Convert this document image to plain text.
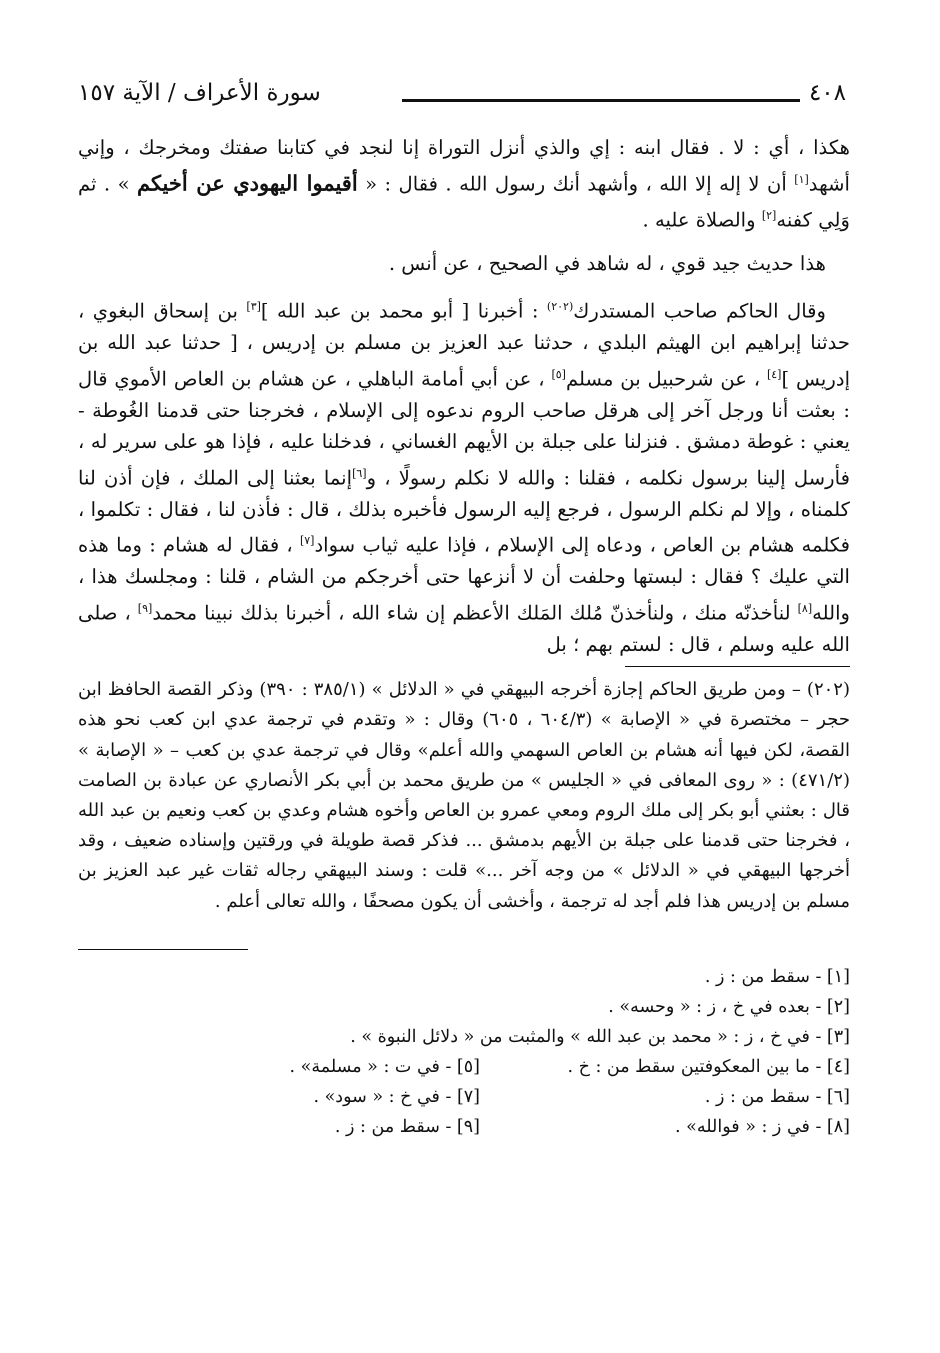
٤٠٨
سورة الأعراف / الآية ١٥٧

هكذا ، أي : لا . فقال ابنه : إي والذي أنزل التوراة إنا لنجد في كتابنا صفتك ومخرجك ، وإني أشهد[١] أن لا إله إلا الله ، وأشهد أنك رسول الله . فقال : « أقيموا اليهودي عن أخيكم » . ثم وَلِي كفنه[٢] والصلاة عليه .

هذا حديث جيد قوي ، له شاهد في الصحيح ، عن أنس .

وقال الحاكم صاحب المستدرك$^{(٢٠٢)}$ : أخبرنا [ أبو محمد بن عبد الله ][٣] بن إسحاق البغوي ، حدثنا إبراهيم ابن الهيثم البلدي ، حدثنا عبد العزيز بن مسلم بن إدريس ، [ حدثنا عبد الله بن إدريس ][٤] ، عن شرحبيل بن مسلم[٥] ، عن أبي أمامة الباهلي ، عن هشام بن العاص الأموي قال : بعثت أنا ورجل آخر إلى هرقل صاحب الروم ندعوه إلى الإسلام ، فخرجنا حتى قدمنا الغُوطة - يعني : غوطة دمشق . فنزلنا على جبلة بن الأيهم الغساني ، فدخلنا عليه ، فإذا هو على سرير له ، فأرسل إلينا برسول نكلمه ، فقلنا : والله لا نكلم رسولًا ، و[٦]إنما بعثنا إلى الملك ، فإن أذن لنا كلمناه ، وإلا لم نكلم الرسول ، فرجع إليه الرسول فأخبره بذلك ، قال : فأذن لنا ، فقال : تكلموا ، فكلمه هشام بن العاص ، ودعاه إلى الإسلام ، فإذا عليه ثياب سواد[٧] ، فقال له هشام : وما هذه التي عليك ؟ فقال : لبستها وحلفت أن لا أنزعها حتى أخرجكم من الشام ، قلنا : ومجلسك هذا ، والله[٨] لنأخذنّه منك ، ولنأخذنّ مُلك المَلك الأعظم إن شاء الله ، أخبرنا بذلك نبينا محمد[٩] ، صلى الله عليه وسلم ، قال : لستم بهم ؛ بل

(٢٠٢) – ومن طريق الحاكم إجازة أخرجه البيهقي في « الدلائل » (٣٨٥/١ : ٣٩٠) وذكر القصة الحافظ ابن حجر – مختصرة في « الإصابة » (٦٠٤/٣ ، ٦٠٥) وقال : « وتقدم في ترجمة عدي ابن كعب نحو هذه القصة، لكن فيها أنه هشام بن العاص السهمي والله أعلم» وقال في ترجمة عدي بن كعب – « الإصابة » (٤٧١/٢) : « روى المعافى في « الجليس » من طريق محمد بن أبي بكر الأنصاري عن عبادة بن الصامت قال : بعثني أبو بكر إلى ملك الروم ومعي عمرو بن العاص وأخوه هشام وعدي بن كعب ونعيم بن عبد الله ، فخرجنا حتى قدمنا على جبلة بن الأيهم بدمشق ... فذكر قصة طويلة في ورقتين وإسناده ضعيف ، وقد أخرجها البيهقي في « الدلائل » من وجه آخر ...» قلت : وسند البيهقي رجاله ثقات غير عبد العزيز بن مسلم بن إدريس هذا فلم أجد له ترجمة ، وأخشى أن يكون مصحفًا ، والله تعالى أعلم .

[١] - سقط من : ز .
[٢] - بعده في خ ، ز : « وحسه» .
[٣] - في خ ، ز : « محمد بن عبد الله » والمثبت من « دلائل النبوة » .
[٤] - ما بين المعكوفتين سقط من : خ .
[٥] - في ت : « مسلمة» .
[٦] - سقط من : ز .
[٧] - في خ : « سود» .
[٨] - في ز : « فوالله» .
[٩] - سقط من : ز .
